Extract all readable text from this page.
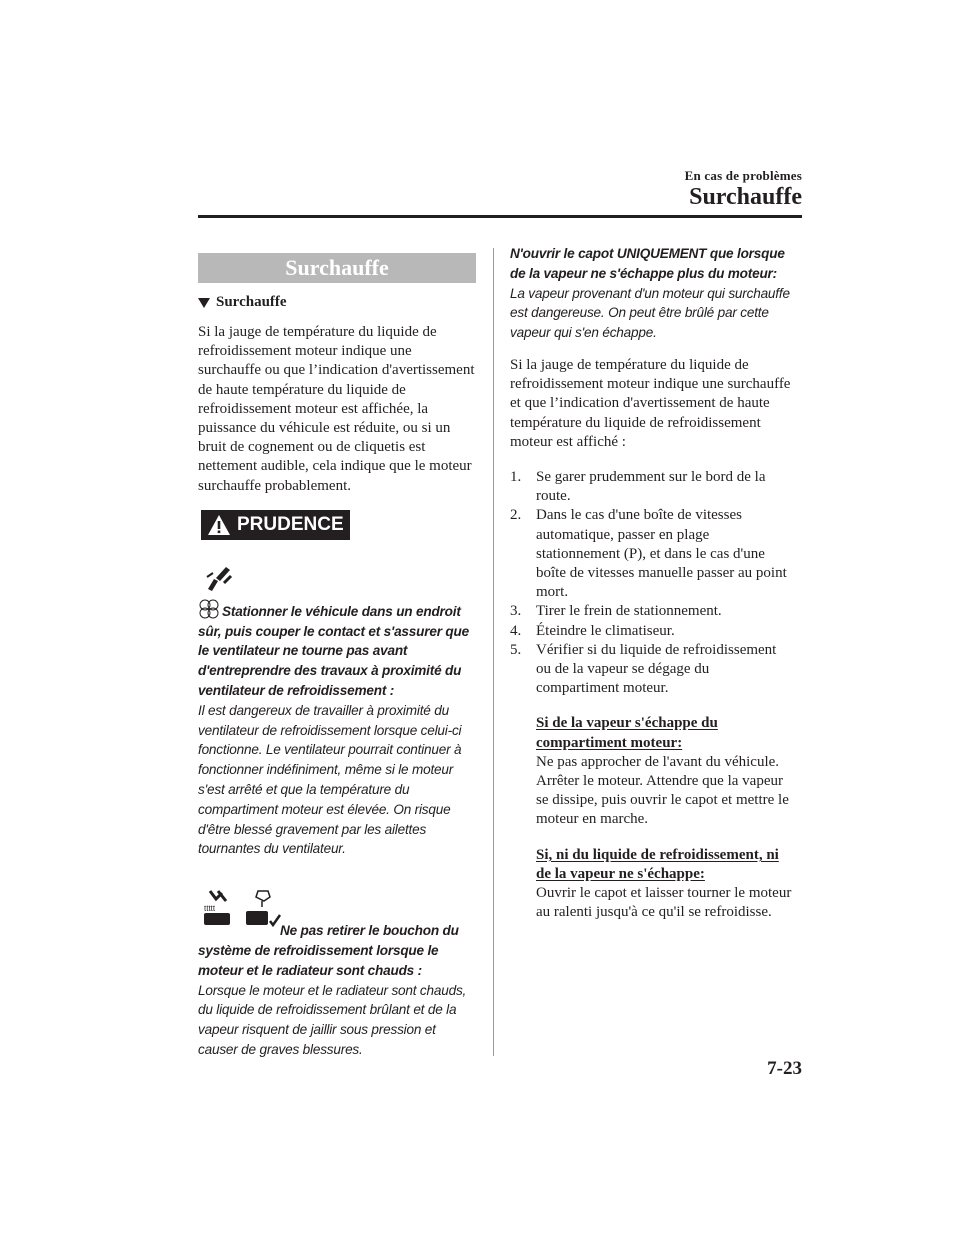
En cas de problèmes
Surchauffe
Surchauffe
Surchauffe
Si la jauge de température du liquide de refroidissement moteur indique une surchauffe ou que l’indication d'avertissement de haute température du liquide de refroidissement moteur est affichée, la puissance du véhicule est réduite, ou si un bruit de cognement ou de cliquetis est nettement audible, cela indique que le moteur surchauffe probablement.
PRUDENCE
Stationner le véhicule dans un endroit sûr, puis couper le contact et s'assurer que le ventilateur ne tourne pas avant d'entreprendre des travaux à proximité du ventilateur de refroidissement :
Il est dangereux de travailler à proximité du ventilateur de refroidissement lorsque celui-ci fonctionne. Le ventilateur pourrait continuer à fonctionner indéfiniment, même si le moteur s'est arrêté et que la température du compartiment moteur est élevée. On risque d'être blessé gravement par les ailettes tournantes du ventilateur.
ttttt
Ne pas retirer le bouchon du système de refroidissement lorsque le moteur et le radiateur sont chauds :
Lorsque le moteur et le radiateur sont chauds, du liquide de refroidissement brûlant et de la vapeur risquent de jaillir sous pression et causer de graves blessures.
N'ouvrir le capot UNIQUEMENT que lorsque de la vapeur ne s'échappe plus du moteur:
La vapeur provenant d'un moteur qui surchauffe est dangereuse. On peut être brûlé par cette vapeur qui s'en échappe.
Si la jauge de température du liquide de refroidissement moteur indique une surchauffe et que l’indication d'avertissement de haute température du liquide de refroidissement moteur est affiché :
1. Se garer prudemment sur le bord de la route.
2. Dans le cas d'une boîte de vitesses automatique, passer en plage stationnement (P), et dans le cas d'une boîte de vitesses manuelle passer au point mort.
3. Tirer le frein de stationnement.
4. Éteindre le climatiseur.
5. Vérifier si du liquide de refroidissement ou de la vapeur se dégage du compartiment moteur.
Si de la vapeur s'échappe du compartiment moteur:
Ne pas approcher de l'avant du véhicule. Arrêter le moteur. Attendre que la vapeur se dissipe, puis ouvrir le capot et mettre le moteur en marche.
Si, ni du liquide de refroidissement, ni de la vapeur ne s'échappe:
Ouvrir le capot et laisser tourner le moteur au ralenti jusqu'à ce qu'il se refroidisse.
7-23
